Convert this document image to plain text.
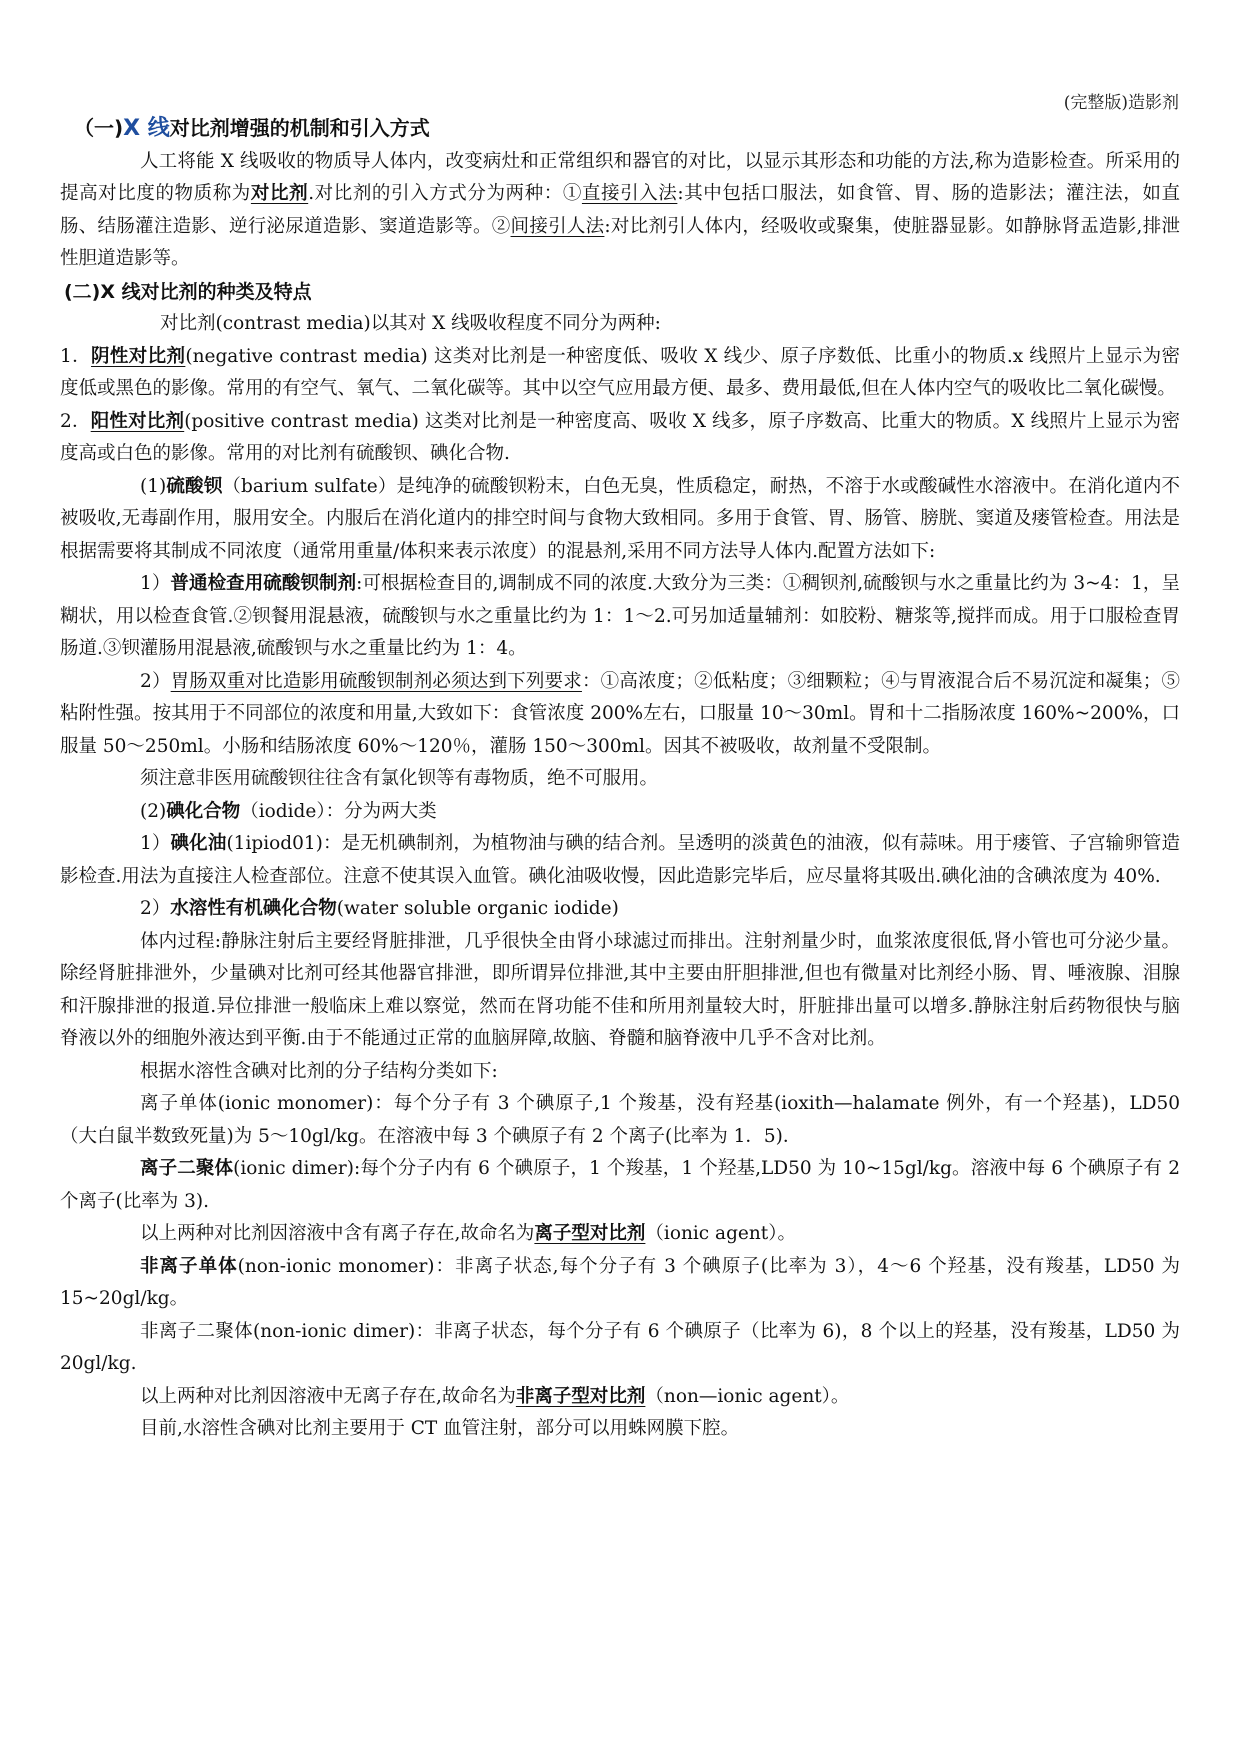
(完整版)造影剂

（一)X 线对比剂增强的机制和引入方式

人工将能 X 线吸收的物质导人体内，改变病灶和正常组织和器官的对比，以显示其形态和功能的方法,称为造影检查。所采用的提高对比度的物质称为对比剂.对比剂的引入方式分为两种：①直接引入法:其中包括口服法，如食管、胃、肠的造影法；灌注法，如直肠、结肠灌注造影、逆行泌尿道造影、窦道造影等。②间接引人法:对比剂引人体内，经吸收或聚集，使脏器显影。如静脉肾盂造影,排泄性胆道造影等。

(二)X 线对比剂的种类及特点

对比剂(contrast media)以其对 X 线吸收程度不同分为两种:

1．阴性对比剂(negative contrast media) 这类对比剂是一种密度低、吸收 X 线少、原子序数低、比重小的物质.x 线照片上显示为密度低或黑色的影像。常用的有空气、氧气、二氧化碳等。其中以空气应用最方便、最多、费用最低,但在人体内空气的吸收比二氧化碳慢。

2．阳性对比剂(positive contrast media) 这类对比剂是一种密度高、吸收 X 线多，原子序数高、比重大的物质。X 线照片上显示为密度高或白色的影像。常用的对比剂有硫酸钡、碘化合物.

(1)硫酸钡（barium sulfate）是纯净的硫酸钡粉末，白色无臭，性质稳定，耐热，不溶于水或酸碱性水溶液中。在消化道内不被吸收,无毒副作用，服用安全。内服后在消化道内的排空时间与食物大致相同。多用于食管、胃、肠管、膀胱、窦道及瘘管检查。用法是根据需要将其制成不同浓度（通常用重量/体积来表示浓度）的混悬剂,采用不同方法导人体内.配置方法如下:

1）普通检查用硫酸钡制剂:可根据检查目的,调制成不同的浓度.大致分为三类：①稠钡剂,硫酸钡与水之重量比约为 3~4：1，呈糊状，用以检查食管.②钡餐用混悬液，硫酸钡与水之重量比约为 1：1～2.可另加适量辅剂：如胶粉、糖浆等,搅拌而成。用于口服检查胃肠道.③钡灌肠用混悬液,硫酸钡与水之重量比约为 1：4。

2）胃肠双重对比造影用硫酸钡制剂必须达到下列要求：①高浓度；②低粘度；③细颗粒；④与胃液混合后不易沉淀和凝集；⑤粘附性强。按其用于不同部位的浓度和用量,大致如下：食管浓度 200%左右，口服量 10～30ml。胃和十二指肠浓度 160%~200%，口服量 50～250ml。小肠和结肠浓度 60%～120％，灌肠 150～300ml。因其不被吸收，故剂量不受限制。

须注意非医用硫酸钡往往含有氯化钡等有毒物质，绝不可服用。

(2)碘化合物（iodide）：分为两大类

1）碘化油(1ipiod01)：是无机碘制剂，为植物油与碘的结合剂。呈透明的淡黄色的油液，似有蒜味。用于瘘管、子宫输卵管造影检查.用法为直接注人检查部位。注意不使其误入血管。碘化油吸收慢，因此造影完毕后，应尽量将其吸出.碘化油的含碘浓度为 40%.

2）水溶性有机碘化合物(water soluble organic iodide)

体内过程:静脉注射后主要经肾脏排泄，几乎很快全由肾小球滤过而排出。注射剂量少时，血浆浓度很低,肾小管也可分泌少量。除经肾脏排泄外，少量碘对比剂可经其他器官排泄，即所谓异位排泄,其中主要由肝胆排泄,但也有微量对比剂经小肠、胃、唾液腺、泪腺和汗腺排泄的报道.异位排泄一般临床上难以察觉，然而在肾功能不佳和所用剂量较大时，肝脏排出量可以增多.静脉注射后药物很快与脑脊液以外的细胞外液达到平衡.由于不能通过正常的血脑屏障,故脑、脊髓和脑脊液中几乎不含对比剂。

根据水溶性含碘对比剂的分子结构分类如下:

离子单体(ionic monomer)：每个分子有 3 个碘原子,1 个羧基，没有羟基(ioxith—halamate 例外，有一个羟基)，LD50（大白鼠半数致死量)为 5～10gl/kg。在溶液中每 3 个碘原子有 2 个离子(比率为 1．5)．

离子二聚体(ionic dimer):每个分子内有 6 个碘原子，1 个羧基，1 个羟基,LD50 为 10~15gl/kg。溶液中每 6 个碘原子有 2 个离子(比率为 3).

以上两种对比剂因溶液中含有离子存在,故命名为离子型对比剂（ionic agent）。

非离子单体(non-ionic monomer)：非离子状态,每个分子有 3 个碘原子(比率为 3），4～6 个羟基，没有羧基，LD50 为 15~20gl/kg。

非离子二聚体(non-ionic dimer)：非离子状态，每个分子有 6 个碘原子（比率为 6)，8 个以上的羟基，没有羧基，LD50 为 20gl/kg.

以上两种对比剂因溶液中无离子存在,故命名为非离子型对比剂（non—ionic agent）。

目前,水溶性含碘对比剂主要用于 CT 血管注射，部分可以用蛛网膜下腔。
